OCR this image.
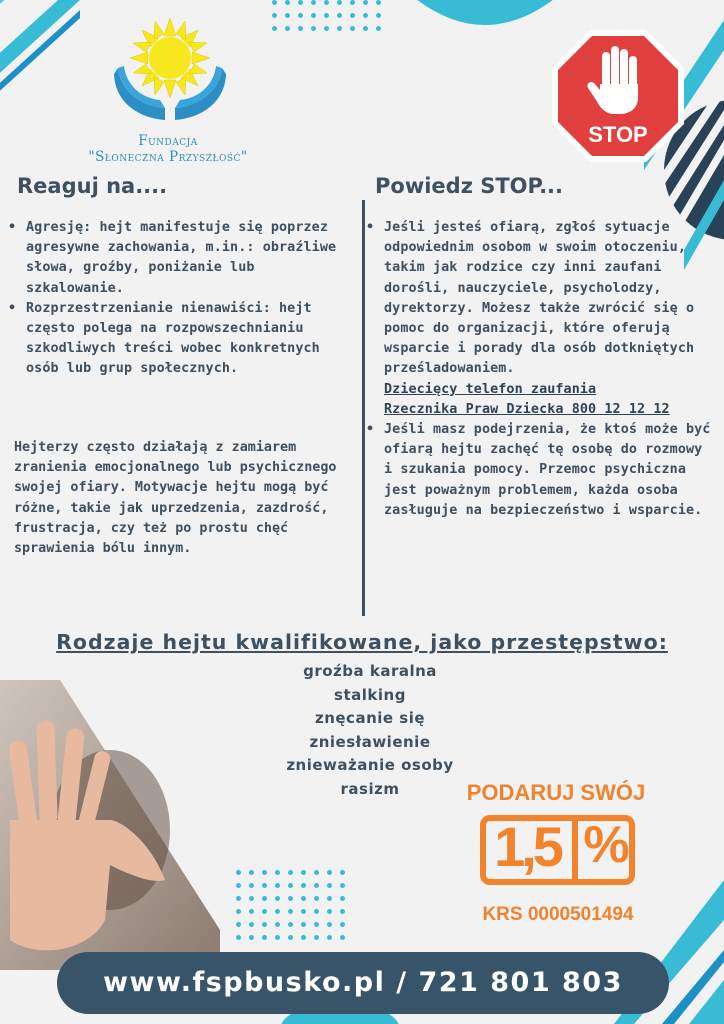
Fundacja
"Słoneczna Przyszłość"
STOP
Reaguj na....
• Agresję: hejt manifestuje się poprzez agresywne zachowania, m.in.: obraźliwe słowa, groźby, poniżanie lub szkalowanie.
• Rozprzestrzenianie nienawiści: hejt często polega na rozpowszechnianiu szkodliwych treści wobec konkretnych osób lub grup społecznych.
Hejterzy często działają z zamiarem zranienia emocjonalnego lub psychicznego swojej ofiary. Motywacje hejtu mogą być różne, takie jak uprzedzenia, zazdrość, frustracja, czy też po prostu chęć sprawienia bólu innym.
Powiedz STOP...
• Jeśli jesteś ofiarą, zgłoś sytuacje odpowiednim osobom w swoim otoczeniu, takim jak rodzice czy inni zaufani dorośli, nauczyciele, psycholodzy, dyrektorzy. Możesz także zwrócić się o pomoc do organizacji, które oferują wsparcie i porady dla osób dotkniętych prześladowaniem.
Dziecięcy telefon zaufania
Rzecznika Praw Dziecka 800 12 12 12
• Jeśli masz podejrzenia, że ktoś może być ofiarą hejtu zachęć tę osobę do rozmowy i szukania pomocy. Przemoc psychiczna jest poważnym problemem, każda osoba zasługuje na bezpieczeństwo i wsparcie.
Rodzaje hejtu kwalifikowane, jako przestępstwo:
groźba karalna
stalking
znęcanie się
zniesławienie
znieważanie osoby
rasizm	PODARUJ SWÓJ
1,5 %
KRS 0000501494
www.fspbusko.pl / 721 801 803
